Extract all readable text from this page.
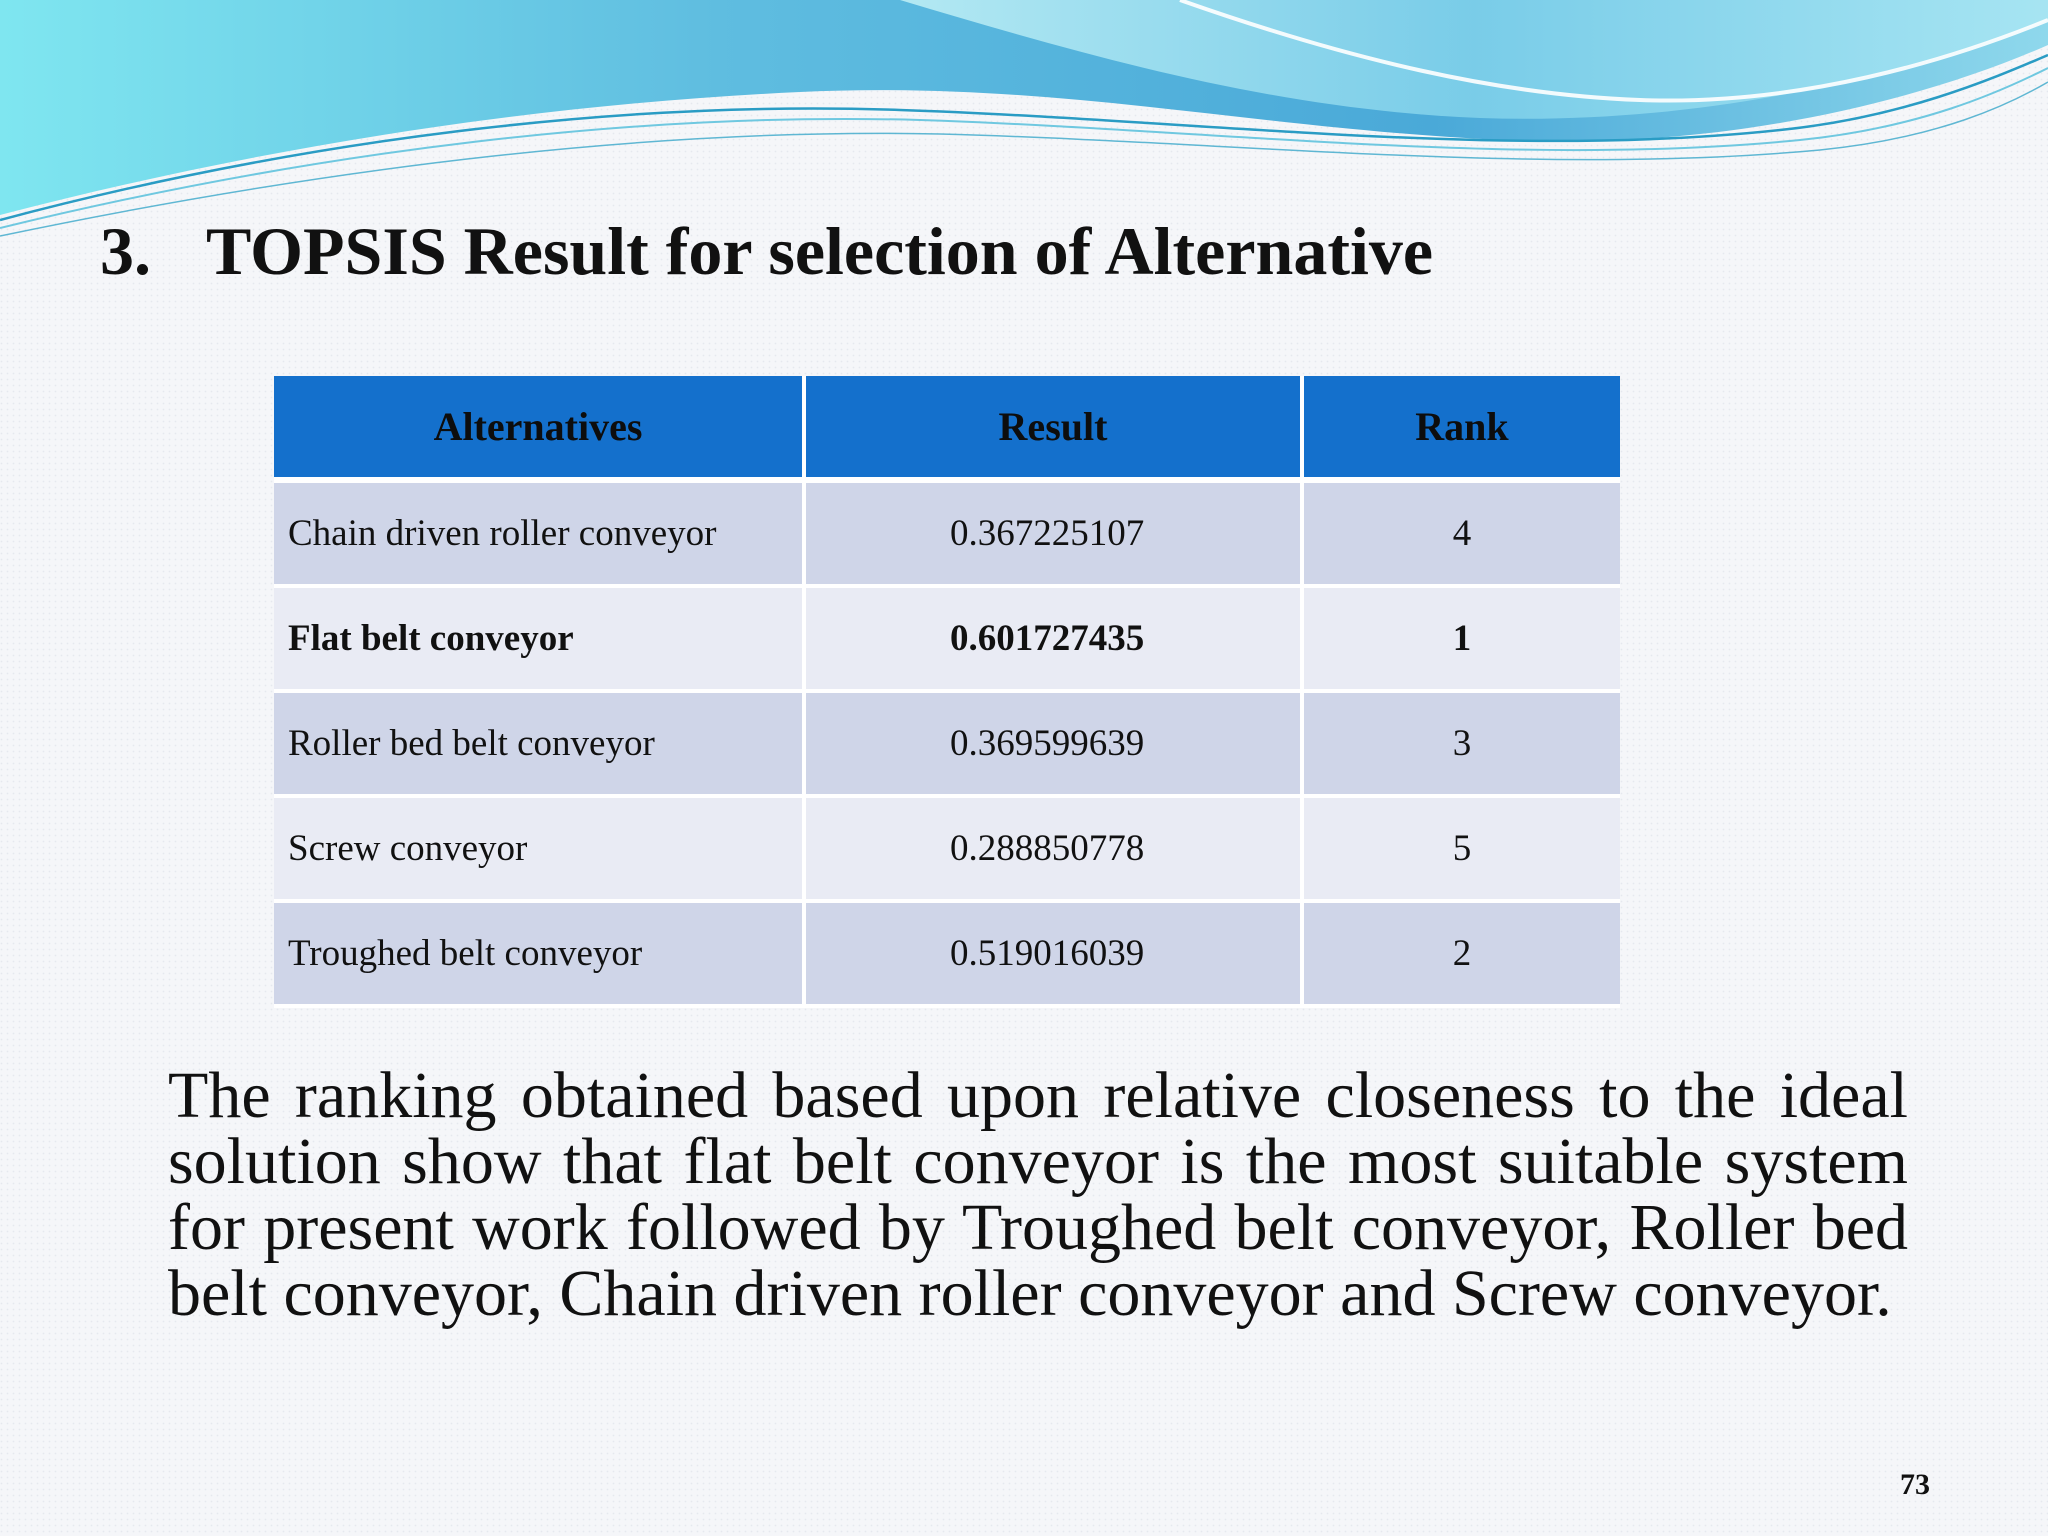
3. TOPSIS Result for selection of Alternative
Alternatives	Result	Rank
Chain driven roller conveyor	0.367225107	4
Flat belt conveyor	0.601727435	1
Roller bed belt conveyor	0.369599639	3
Screw conveyor	0.288850778	5
Troughed belt conveyor	0.519016039	2

The ranking obtained based upon relative closeness to the ideal solution show that flat belt conveyor is the most suitable system for present work followed by Troughed belt conveyor, Roller bed belt conveyor, Chain driven roller conveyor and Screw conveyor.

73
